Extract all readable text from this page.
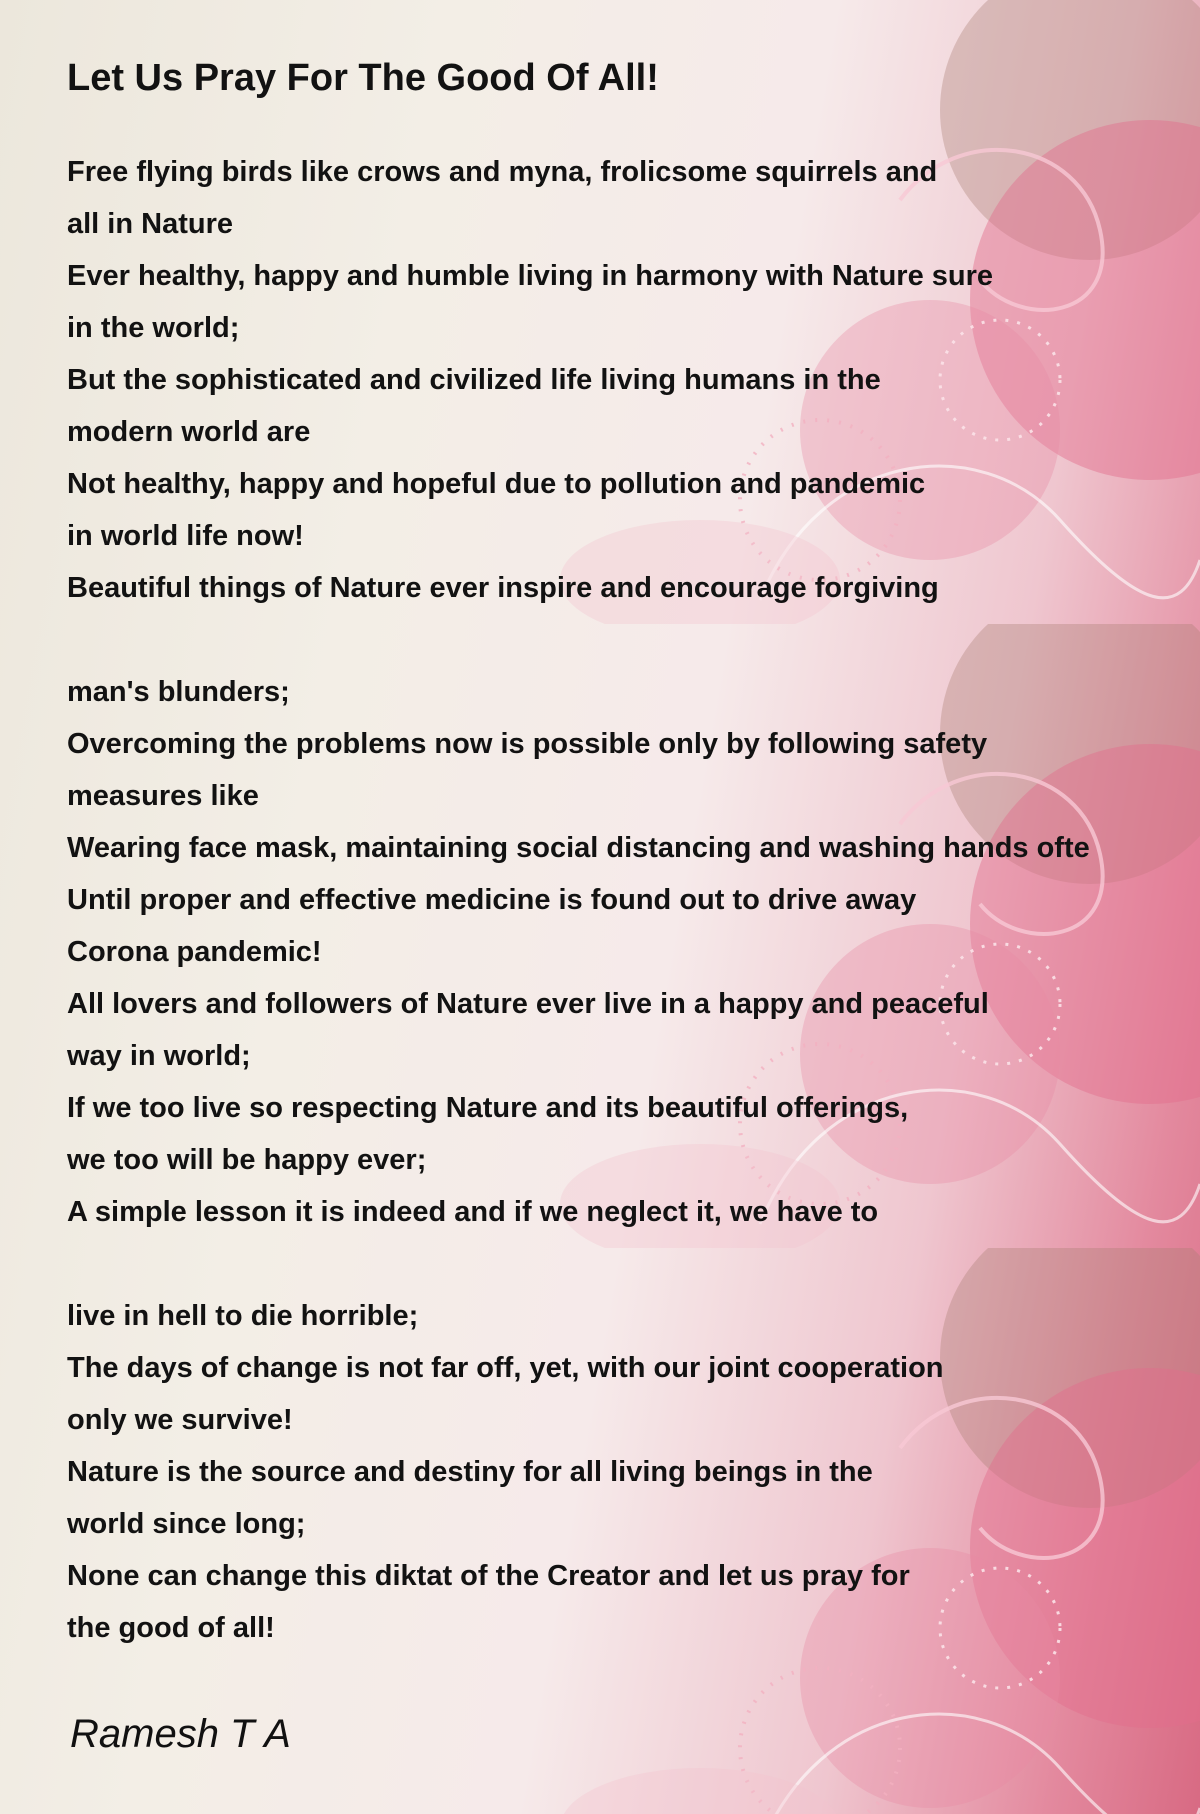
Let Us Pray For The Good Of All!
Free flying birds like crows and myna, frolicsome squirrels and
all in Nature
Ever healthy, happy and humble living in harmony with Nature sure
in the world;
But the sophisticated and civilized life living humans in the
modern world are
Not healthy, happy and hopeful due to pollution and pandemic
in world life now!
Beautiful things of Nature ever inspire and encourage forgiving
man's blunders;
Overcoming the problems now is possible only by following safety
measures like
Wearing face mask, maintaining social distancing and washing hands ofte
Until proper and effective medicine is found out to drive away
Corona pandemic!
All lovers and followers of Nature ever live in a happy and peaceful
way in world;
If we too live so respecting Nature and its beautiful offerings,
we too will be happy ever;
A simple lesson it is indeed and if we neglect it, we have to
live in hell to die horrible;
The days of change is not far off, yet, with our joint cooperation
only we survive!
Nature is the source and destiny for all living beings in the
world since long;
None can change this diktat of the Creator and let us pray for
the good of all!
Ramesh T A
